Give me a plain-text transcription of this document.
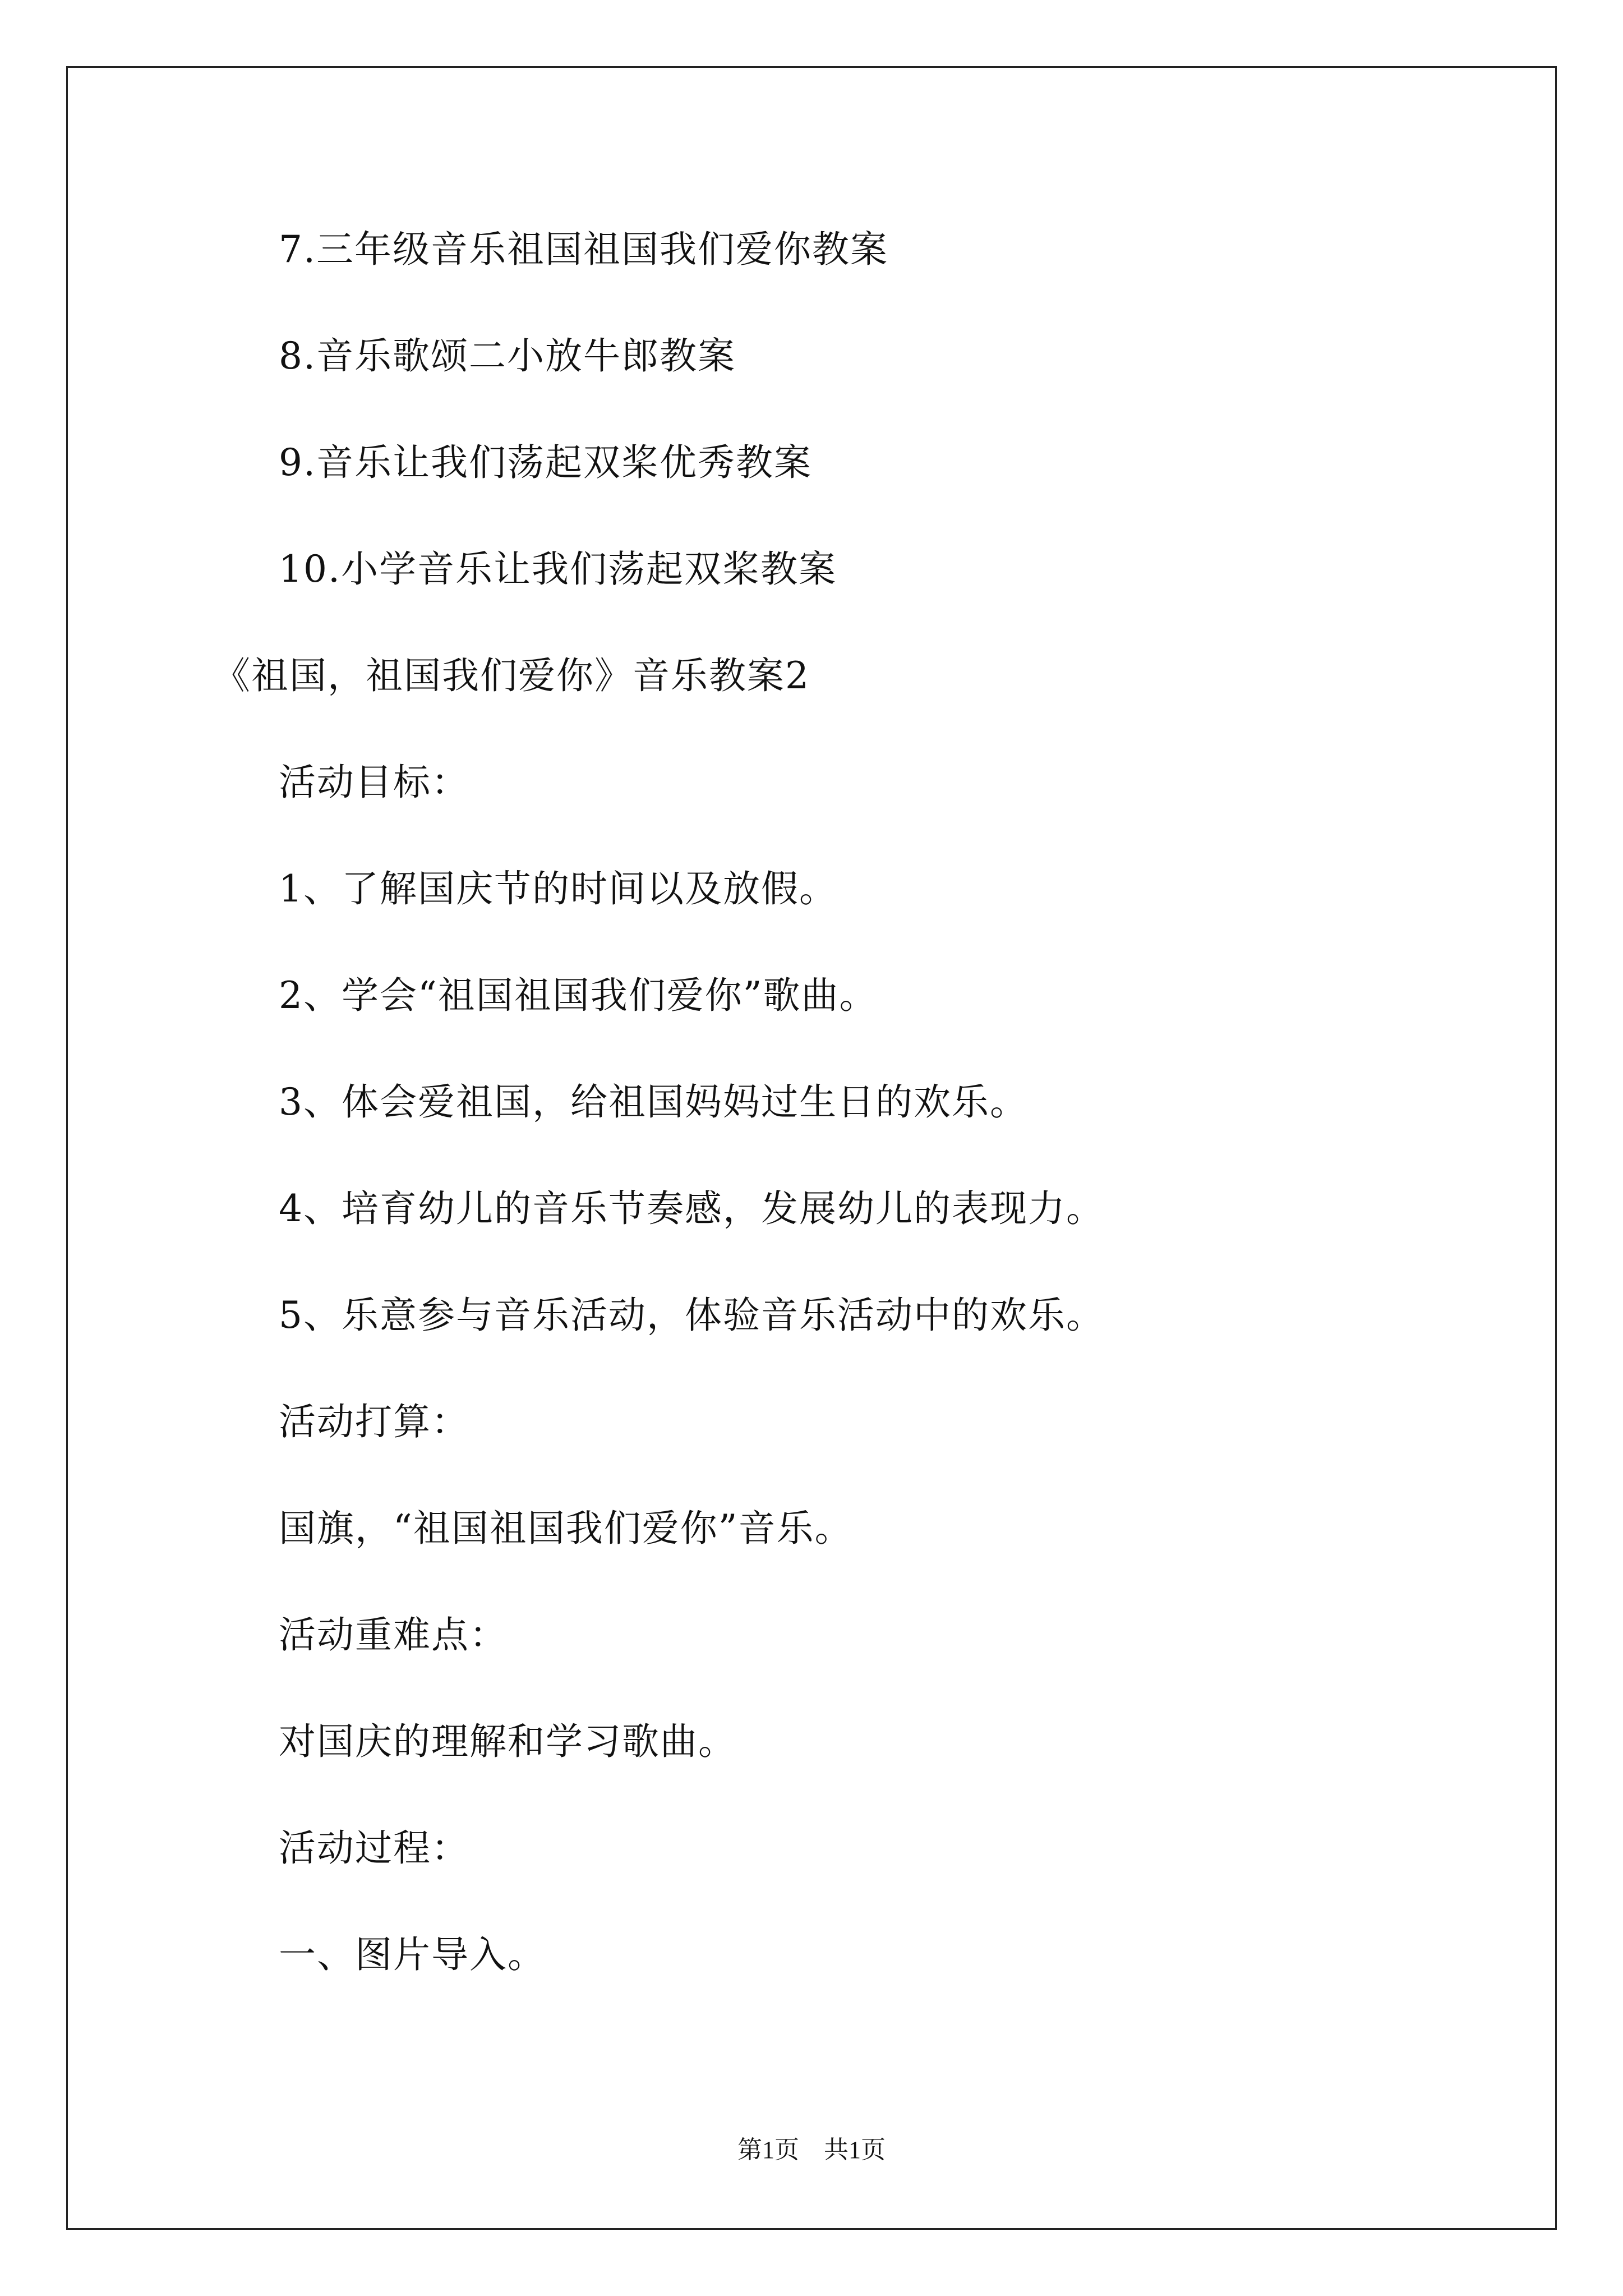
7.三年级音乐祖国祖国我们爱你教案
8.音乐歌颂二小放牛郎教案
9.音乐让我们荡起双桨优秀教案
10.小学音乐让我们荡起双桨教案
《祖国，祖国我们爱你》音乐教案2
活动目标：
1、了解国庆节的时间以及放假。
2、学会“祖国祖国我们爱你”歌曲。
3、体会爱祖国，给祖国妈妈过生日的欢乐。
4、培育幼儿的音乐节奏感，发展幼儿的表现力。
5、乐意参与音乐活动，体验音乐活动中的欢乐。
活动打算：
国旗，“祖国祖国我们爱你”音乐。
活动重难点：
对国庆的理解和学习歌曲。
活动过程：
一、图片导入。
第1页　共1页
